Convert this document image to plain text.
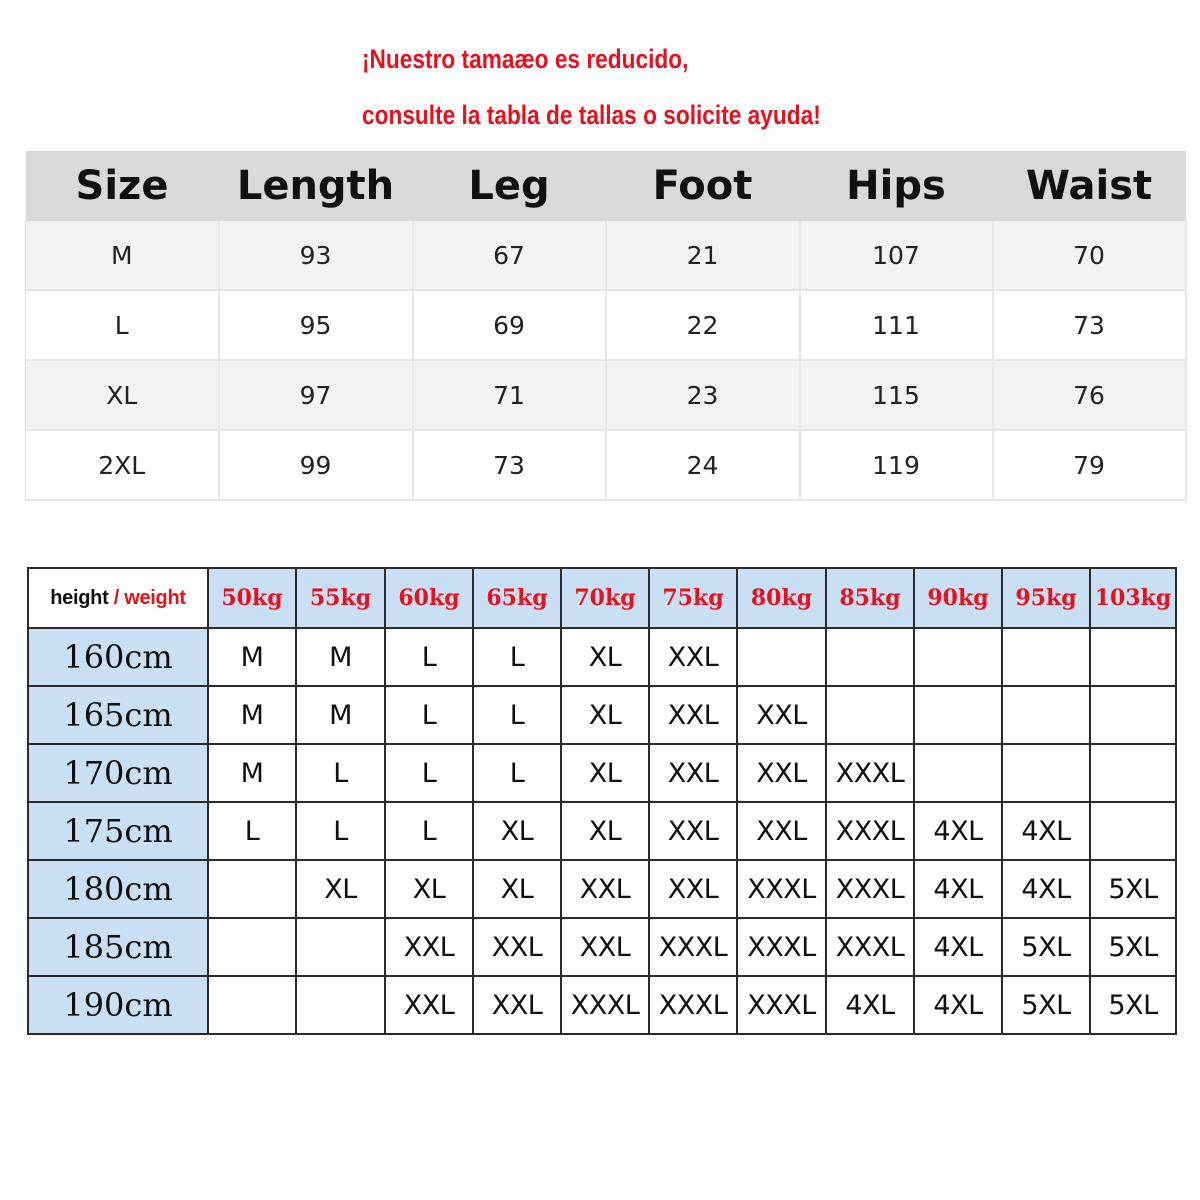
¡Nuestro tamaæo es reducido,
consulte la tabla de tallas o solicite ayuda!
Size	Length	Leg	Foot	Hips	Waist
M	93	67	21	107	70
L	95	69	22	111	73
XL	97	71	23	115	76
2XL	99	73	24	119	79
height / weight	50kg	55kg	60kg	65kg	70kg	75kg	80kg	85kg	90kg	95kg	103kg
160cm	M	M	L	L	XL	XXL					
165cm	M	M	L	L	XL	XXL	XXL				
170cm	M	L	L	L	XL	XXL	XXL	XXXL			
175cm	L	L	L	XL	XL	XXL	XXL	XXXL	4XL	4XL	
180cm		XL	XL	XL	XXL	XXL	XXXL	XXXL	4XL	4XL	5XL
185cm			XXL	XXL	XXL	XXXL	XXXL	XXXL	4XL	5XL	5XL
190cm			XXL	XXL	XXXL	XXXL	XXXL	4XL	4XL	5XL	5XL
